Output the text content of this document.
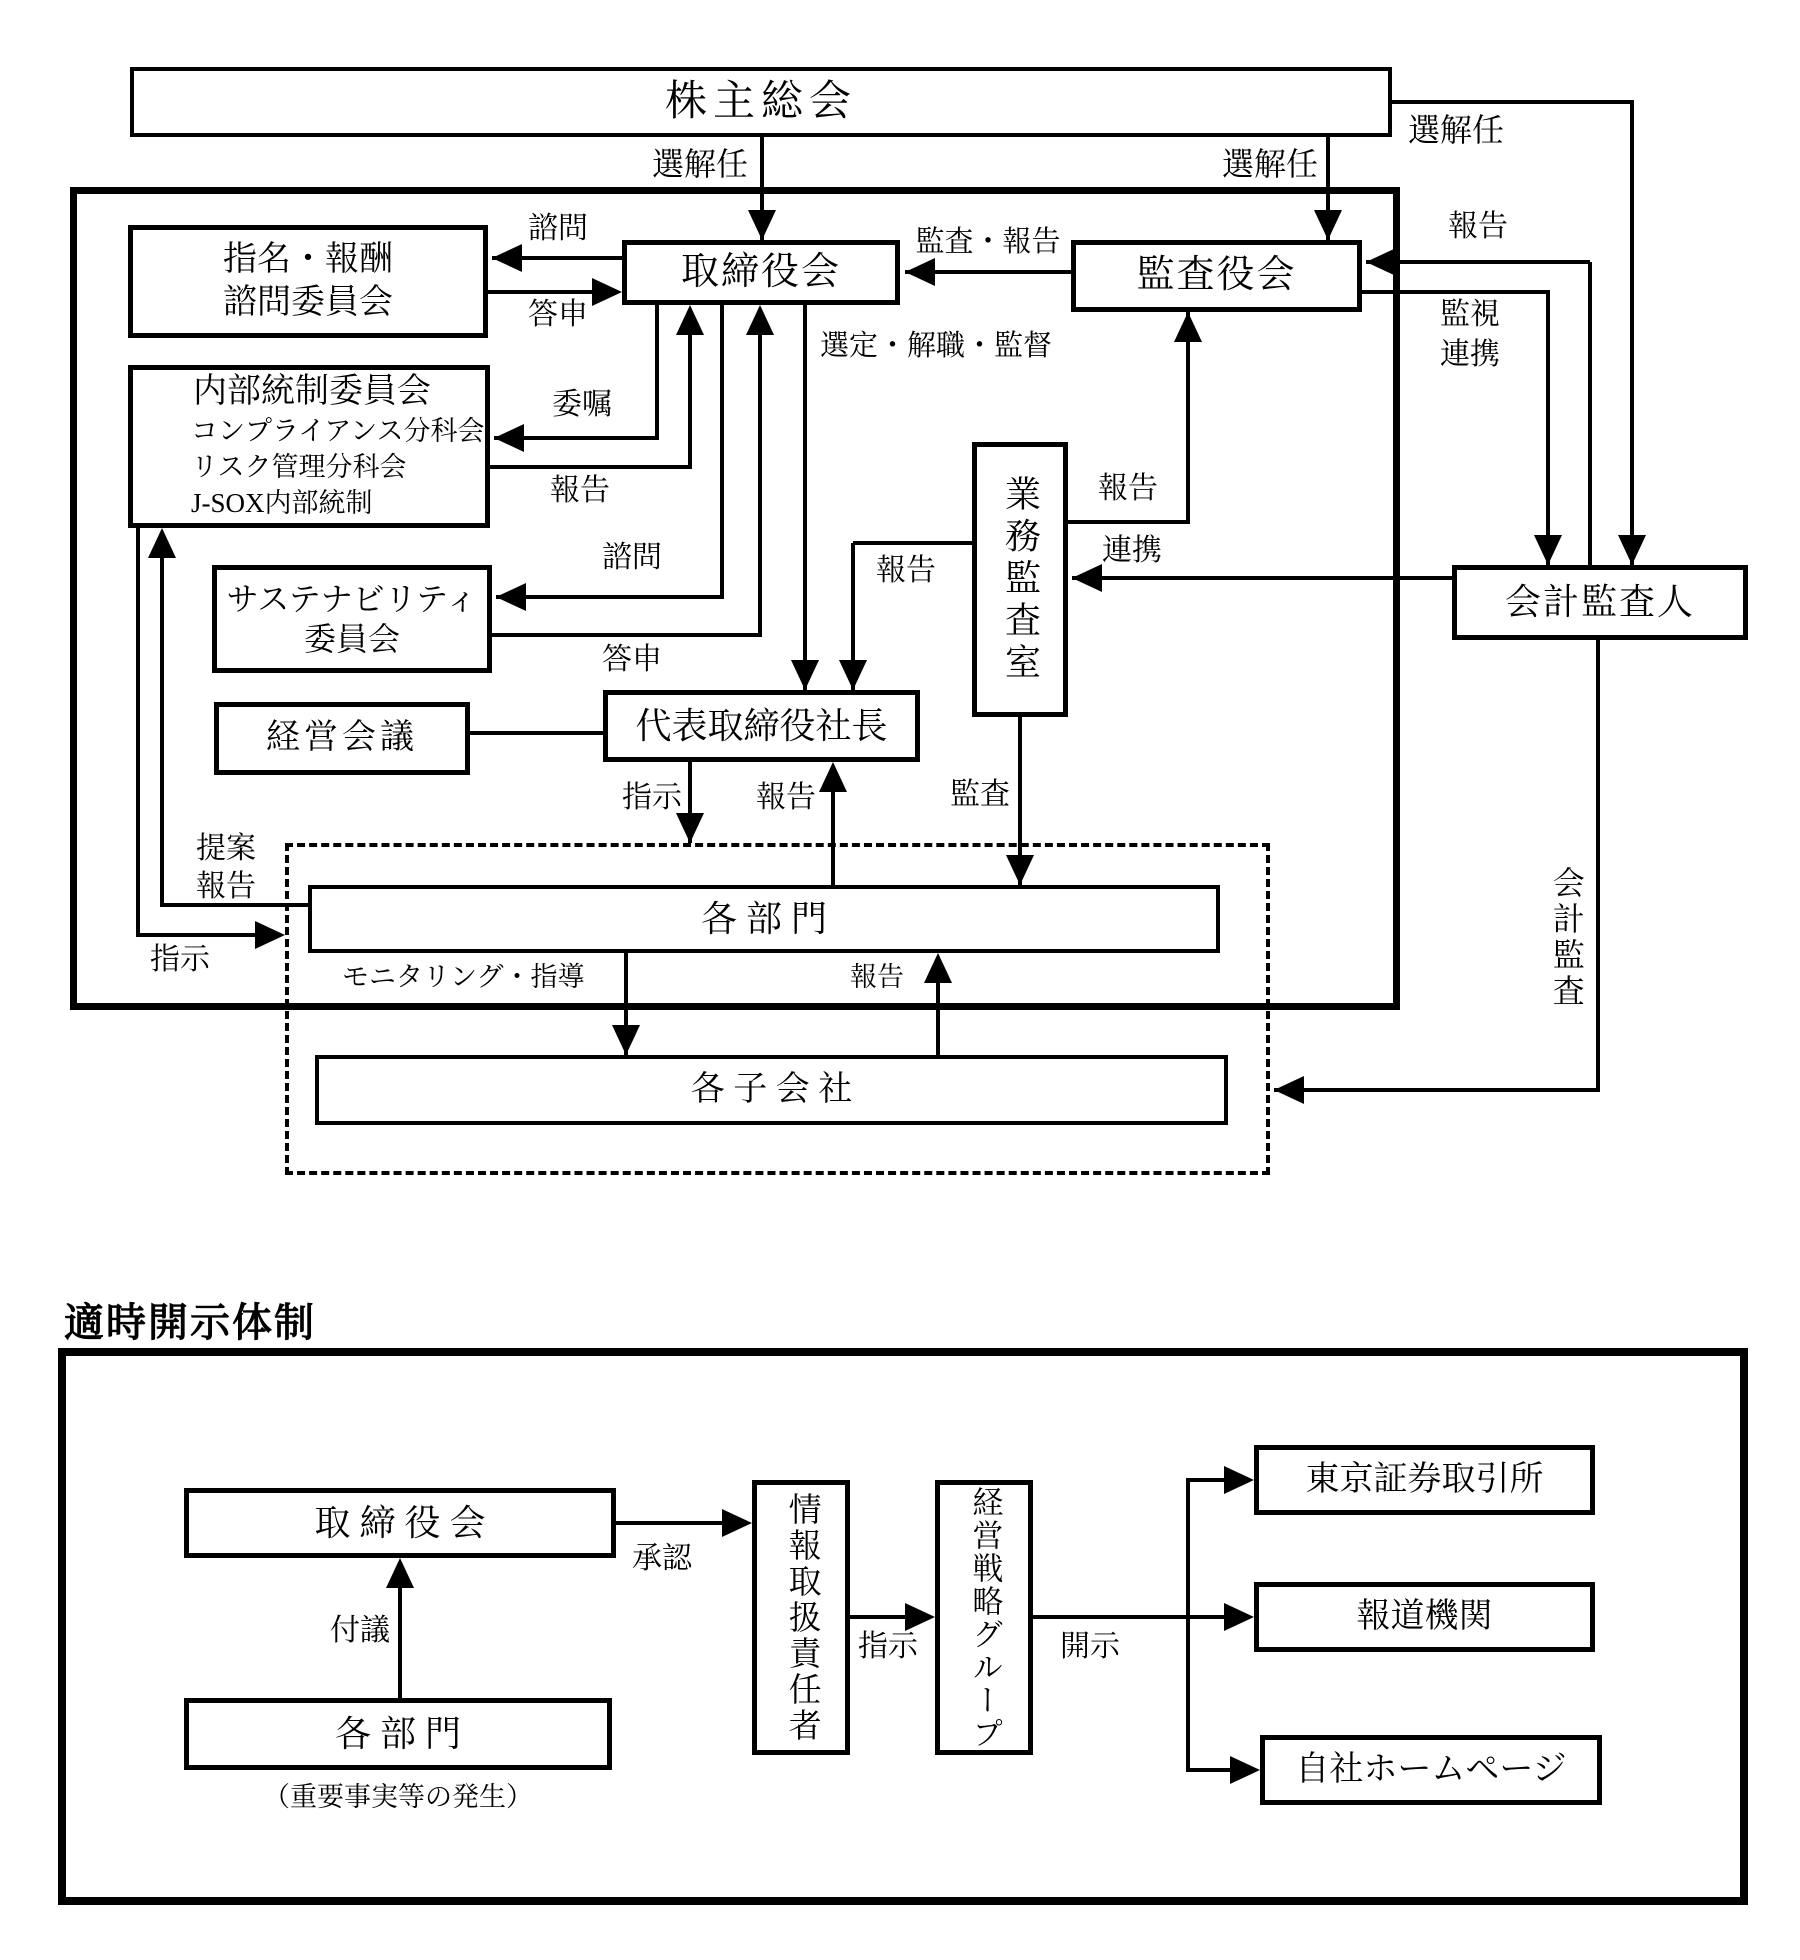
株主総会
指名・報酬
諮問委員会
取締役会	監査役会
内部統制委員会
コンプライアンス分科会
リスク管理分科会
J-SOX内部統制
サステナビリティ
委員会
経営会議
業務監査室	会計監査人
代表取締役社長
各 部 門
各 子 会 社
選解任	選解任
選解任
監査・報告	報告
監視
連携
諮問
答申
委嘱
報告
諮問
答申
選定・解職・監督
報告
報告
連携
監査
指示 報告
提案
報告
指示
モニタリング・指導	報告	会計監査
適時開示体制
取 締 役 会	情報取扱責任者	経営戦略グループ
東京証券取引所
報道機関
自社ホームページ
各 部 門
承認
付議	指示	開示
（重要事実等の発生）
